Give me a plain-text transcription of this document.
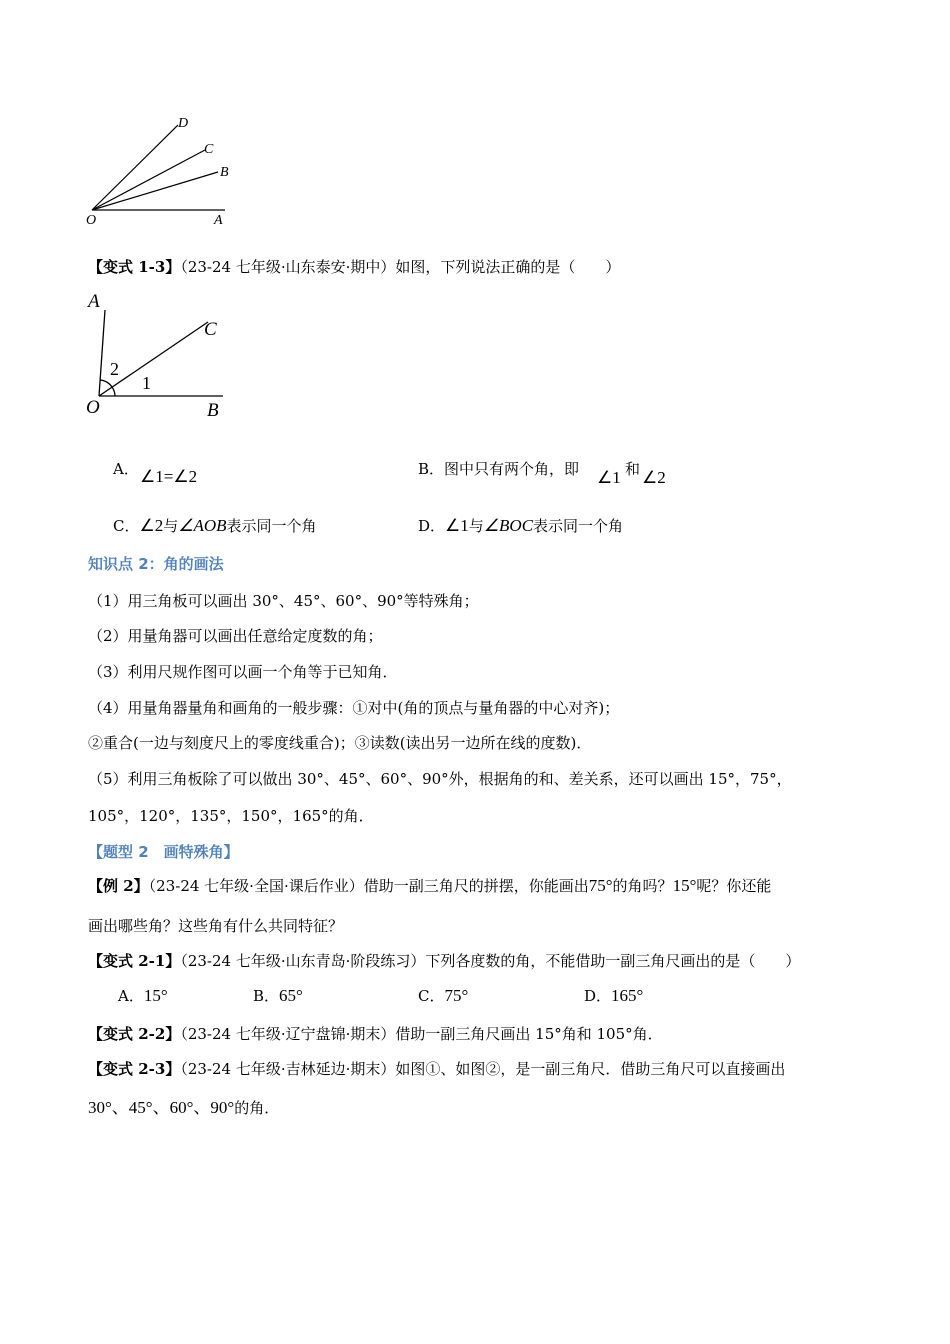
D
C
B
O	A
【变式 1-3】（23-24 七年级·山东泰安·期中）如图，下列说法正确的是（　　）
A
C
2
1
O	B
A． ∠1=∠2	B．图中只有两个角，即 ∠1 和 ∠2
C．∠2与∠AOB表示同一个角	D．∠1与∠BOC表示同一个角
知识点 2：角的画法
（1）用三角板可以画出 30°、45°、60°、90°等特殊角；
（2）用量角器可以画出任意给定度数的角；
（3）利用尺规作图可以画一个角等于已知角．
（4）用量角器量角和画角的一般步骤：①对中(角的顶点与量角器的中心对齐)；
②重合(一边与刻度尺上的零度线重合)；③读数(读出另一边所在线的度数)．
（5）利用三角板除了可以做出 30°、45°、60°、90°外，根据角的和、差关系，还可以画出 15°，75°，
105°，120°，135°，150°，165°的角．
【题型 2　画特殊角】
【例 2】（23-24 七年级·全国·课后作业）借助一副三角尺的拼摆，你能画出75°的角吗？15°呢？你还能
画出哪些角？这些角有什么共同特征？
【变式 2-1】（23-24 七年级·山东青岛·阶段练习）下列各度数的角，不能借助一副三角尺画出的是（　　）
A．15°	B．65°	C．75°	D．165°
【变式 2-2】（23-24 七年级·辽宁盘锦·期末）借助一副三角尺画出 15°角和 105°角．
【变式 2-3】（23-24 七年级·吉林延边·期末）如图①、如图②，是一副三角尺．借助三角尺可以直接画出
30°、45°、60°、90°的角．
